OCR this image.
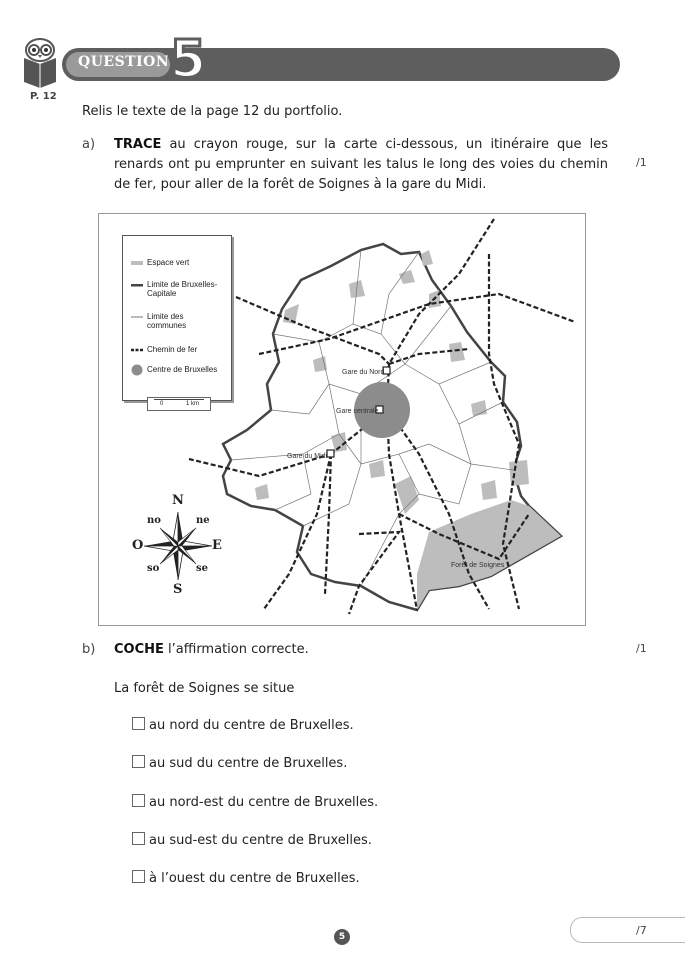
P. 12
QUESTION 5
Relis le texte de la page 12 du portfolio.
a) TRACE au crayon rouge, sur la carte ci-dessous, un itinéraire que les renards ont pu emprunter en suivant les talus le long des voies du chemin de fer, pour aller de la forêt de Soignes à la gare du Midi.
/1
Gare du Nord
Gare centrale
Gare du Midi
Forêt de Soignes
Espace vert
Limite de Bruxelles-Capitale
Limite des communes
Chemin de fer
Centre de Bruxelles
0	1 km
N
S
E
O
no	ne
so	se
b) COCHE l’affirmation correcte.	/1
La forêt de Soignes se situe
au nord du centre de Bruxelles.
au sud du centre de Bruxelles.
au nord-est du centre de Bruxelles.
au sud-est du centre de Bruxelles.
à l’ouest du centre de Bruxelles.
5	/7
